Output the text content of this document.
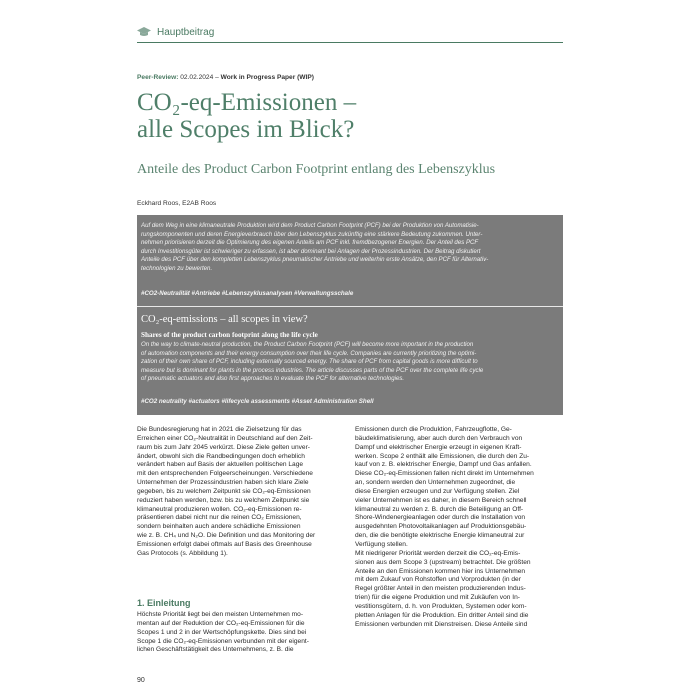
Hauptbeitrag
Peer-Review: 02.02.2024 – Work in Progress Paper (WIP)
CO₂-eq-Emissionen –
alle Scopes im Blick?
Anteile des Product Carbon Footprint entlang des Lebenszyklus
Eckhard Roos, E2AB Roos
Auf dem Weg in eine klimaneutrale Produktion wird dem Product Carbon Footprint (PCF) bei der Produktion von Automatisie-
rungskomponenten und deren Energieverbrauch über den Lebenszyklus zukünftig eine stärkere Bedeutung zukommen. Unter-
nehmen priorisieren derzeit die Optimierung des eigenen Anteils am PCF inkl. fremdbezogener Energien. Der Anteil des PCF
durch Investitionsgüter ist schwieriger zu erfassen, ist aber dominant bei Anlagen der Prozessindustrien. Der Beitrag diskutiert
Anteile des PCF über den kompletten Lebenszyklus pneumatischer Antriebe und weiterhin erste Ansätze, den PCF für Alternativ-
technologien zu bewerten.
#CO2-Neutralität #Antriebe #Lebenszyklusanalysen #Verwaltungsschale
CO₂-eq-emissions – all scopes in view?
Shares of the product carbon footprint along the life cycle
On the way to climate-neutral production, the Product Carbon Footprint (PCF) will become more important in the production
of automation components and their energy consumption over their life cycle. Companies are currently prioritizing the optimi-
zation of their own share of PCF, including externally sourced energy. The share of PCF from capital goods is more difficult to
measure but is dominant for plants in the process industries. The article discusses parts of the PCF over the complete life cycle
of pneumatic actuators and also first approaches to evaluate the PCF for alternative technologies.
#CO2 neutrality #actuators #lifecycle assessments #Asset Administration Shell
Die Bundesregierung hat in 2021 die Zielsetzung für das
Erreichen einer CO₂-Neutralität in Deutschland auf den Zeit-
raum bis zum Jahr 2045 verkürzt. Diese Ziele gelten unver-
ändert, obwohl sich die Randbedingungen doch erheblich
verändert haben auf Basis der aktuellen politischen Lage
mit den entsprechenden Folgeerscheinungen. Verschiedene
Unternehmen der Prozessindustrien haben sich klare Ziele
gegeben, bis zu welchem Zeitpunkt sie CO₂-eq-Emissionen
reduziert haben werden, bzw. bis zu welchem Zeitpunkt sie
klimaneutral produzieren wollen. CO₂-eq-Emissionen re-
präsentieren dabei nicht nur die reinen CO₂ Emissionen,
sondern beinhalten auch andere schädliche Emissionen
wie z. B. CH₄ und N₂O. Die Definition und das Monitoring der
Emissionen erfolgt dabei oftmals auf Basis des Greenhouse
Gas Protocols (s. Abbildung 1).
1. Einleitung
Höchste Priorität liegt bei den meisten Unternehmen mo-
mentan auf der Reduktion der CO₂-eq-Emissionen für die
Scopes 1 und 2 in der Wertschöpfungskette. Dies sind bei
Scope 1 die CO₂-eq-Emissionen verbunden mit der eigent-
lichen Geschäftstätigkeit des Unternehmens, z. B. die
Emissionen durch die Produktion, Fahrzeugflotte, Ge-
bäudeklimatisierung, aber auch durch den Verbrauch von
Dampf und elektrischer Energie erzeugt in eigenen Kraft-
werken. Scope 2 enthält alle Emissionen, die durch den Zu-
kauf von z. B. elektrischer Energie, Dampf und Gas anfallen.
Diese CO₂-eq-Emissionen fallen nicht direkt im Unternehmen
an, sondern werden den Unternehmen zugeordnet, die
diese Energien erzeugen und zur Verfügung stellen. Ziel
vieler Unternehmen ist es daher, in diesem Bereich schnell
klimaneutral zu werden z. B. durch die Beteiligung an Off-
Shore-Windenergieanlagen oder durch die Installation von
ausgedehnten Photovoltaikanlagen auf Produktionsgebäu-
den, die die benötigte elektrische Energie klimaneutral zur
Verfügung stellen.
Mit niedrigerer Priorität werden derzeit die CO₂-eq-Emis-
sionen aus dem Scope 3 (upstream) betrachtet. Die größten
Anteile an den Emissionen kommen hier ins Unternehmen
mit dem Zukauf von Rohstoffen und Vorprodukten (in der
Regel größter Anteil in den meisten produzierenden Indus-
trien) für die eigene Produktion und mit Zukäufen von In-
vestitionsgütern, d. h. von Produkten, Systemen oder kom-
pletten Anlagen für die Produktion. Ein dritter Anteil sind die
Emissionen verbunden mit Dienstreisen. Diese Anteile sind
90
